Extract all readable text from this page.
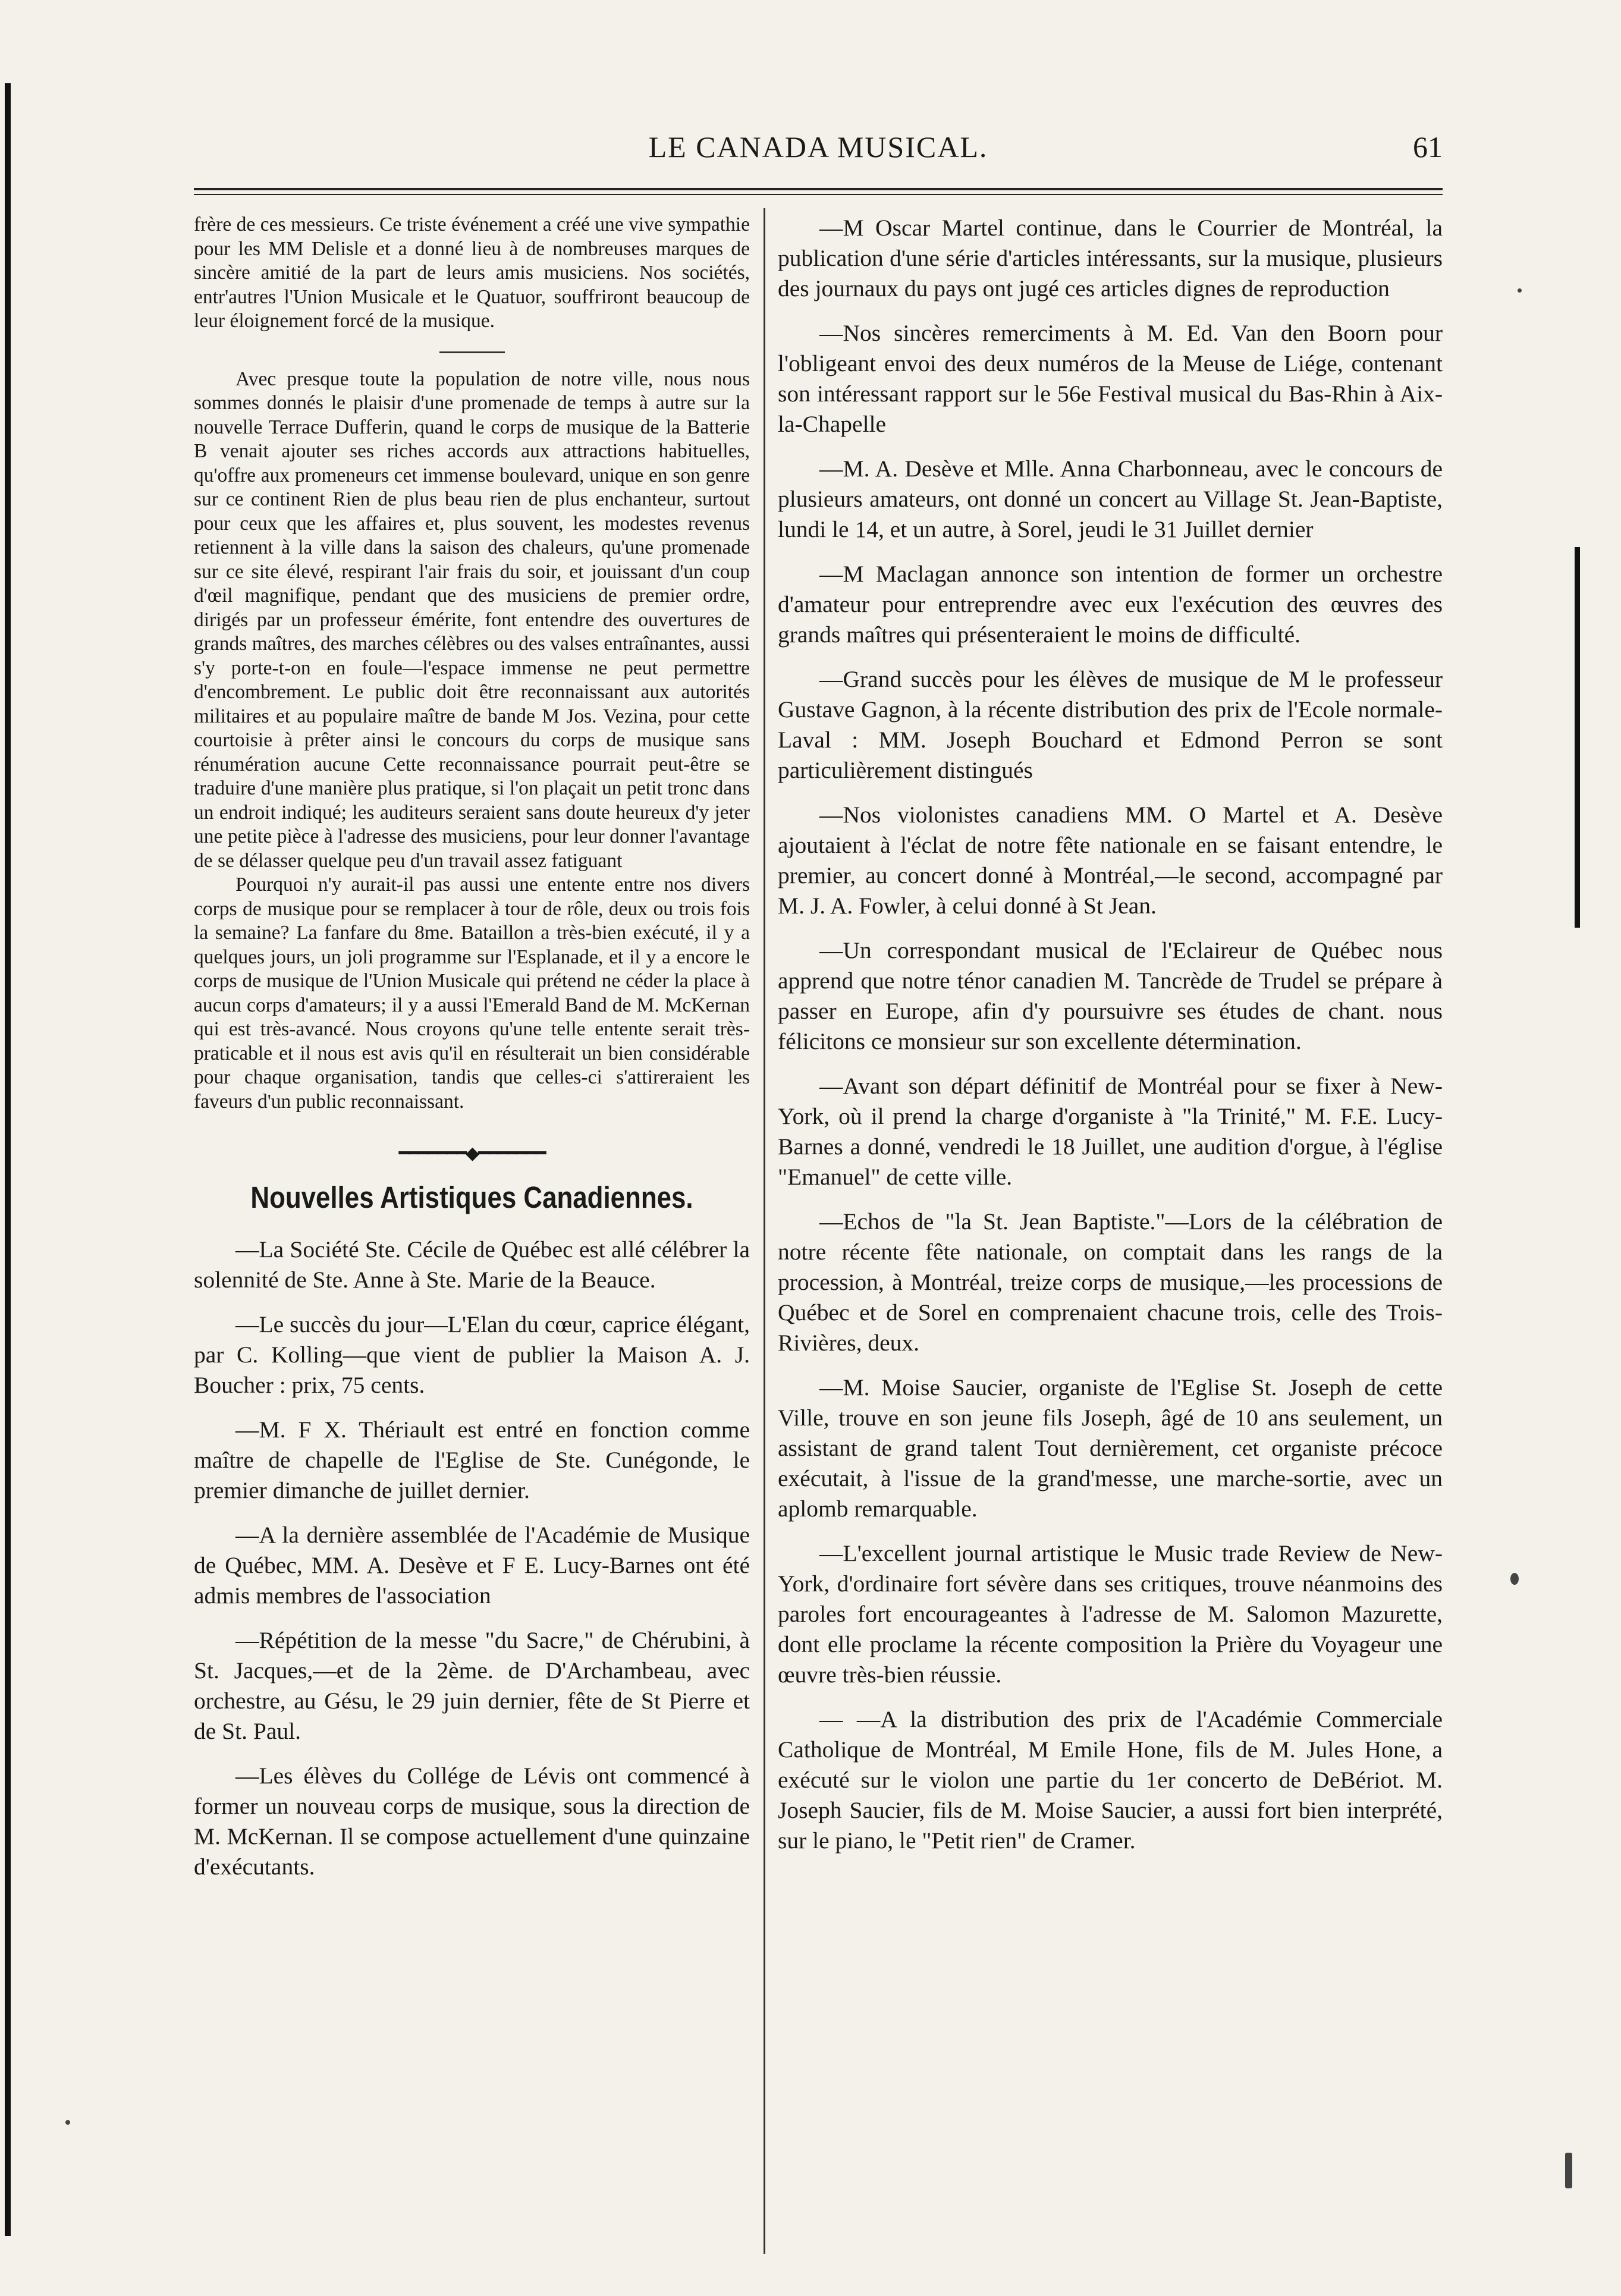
LE CANADA MUSICAL.	61

frère de ces messieurs. Ce triste événement a créé une vive sympathie pour les MM Delisle et a donné lieu à de nombreuses marques de sincère amitié de la part de leurs amis musiciens. Nos sociétés, entr'autres l'Union Musicale et le Quatuor, souffriront beaucoup de leur éloignement forcé de la musique.

Avec presque toute la population de notre ville, nous nous sommes donnés le plaisir d'une promenade de temps à autre sur la nouvelle Terrace Dufferin, quand le corps de musique de la Batterie B venait ajouter ses riches accords aux attractions habituelles, qu'offre aux promeneurs cet immense boulevard, unique en son genre sur ce continent Rien de plus beau rien de plus enchanteur, surtout pour ceux que les affaires et, plus souvent, les modestes revenus retiennent à la ville dans la saison des chaleurs, qu'une promenade sur ce site élevé, respirant l'air frais du soir, et jouissant d'un coup d'œil magnifique, pendant que des musiciens de premier ordre, dirigés par un professeur émérite, font entendre des ouvertures de grands maîtres, des marches célèbres ou des valses entraînantes, aussi s'y porte-t-on en foule—l'espace immense ne peut permettre d'encombrement. Le public doit être reconnaissant aux autorités militaires et au populaire maître de bande M Jos. Vezina, pour cette courtoisie à prêter ainsi le concours du corps de musique sans rénumération aucune Cette reconnaissance pourrait peut-être se traduire d'une manière plus pratique, si l'on plaçait un petit tronc dans un endroit indiqué; les auditeurs seraient sans doute heureux d'y jeter une petite pièce à l'adresse des musiciens, pour leur donner l'avantage de se délasser quelque peu d'un travail assez fatiguant

Pourquoi n'y aurait-il pas aussi une entente entre nos divers corps de musique pour se remplacer à tour de rôle, deux ou trois fois la semaine? La fanfare du 8me. Bataillon a très-bien exécuté, il y a quelques jours, un joli programme sur l'Esplanade, et il y a encore le corps de musique de l'Union Musicale qui prétend ne céder la place à aucun corps d'amateurs; il y a aussi l'Emerald Band de M. McKernan qui est très-avancé. Nous croyons qu'une telle entente serait très-praticable et il nous est avis qu'il en résulterait un bien considérable pour chaque organisation, tandis que celles-ci s'attireraient les faveurs d'un public reconnaissant.

━━━━━━━◆━━━━━━━
Nouvelles Artistiques Canadiennes.

—La Société Ste. Cécile de Québec est allé célébrer la solennité de Ste. Anne à Ste. Marie de la Beauce.

—Le succès du jour—L'Elan du cœur, caprice élégant, par C. Kolling—que vient de publier la Maison A. J. Boucher : prix, 75 cents.

—M. F X. Thériault est entré en fonction comme maître de chapelle de l'Eglise de Ste. Cunégonde, le premier dimanche de juillet dernier.

—A la dernière assemblée de l'Académie de Musique de Québec, MM. A. Desève et F E. Lucy-Barnes ont été admis membres de l'association

—Répétition de la messe "du Sacre," de Chérubini, à St. Jacques,—et de la 2ème. de D'Archambeau, avec orchestre, au Gésu, le 29 juin dernier, fête de St Pierre et de St. Paul.

—Les élèves du Collége de Lévis ont commencé à former un nouveau corps de musique, sous la direction de M. McKernan. Il se compose actuellement d'une quinzaine d'exécutants.

—M Oscar Martel continue, dans le Courrier de Montréal, la publication d'une série d'articles intéressants, sur la musique, plusieurs des journaux du pays ont jugé ces articles dignes de reproduction

—Nos sincères remerciments à M. Ed. Van den Boorn pour l'obligeant envoi des deux numéros de la Meuse de Liége, contenant son intéressant rapport sur le 56e Festival musical du Bas-Rhin à Aix-la-Chapelle

—M. A. Desève et Mlle. Anna Charbonneau, avec le concours de plusieurs amateurs, ont donné un concert au Village St. Jean-Baptiste, lundi le 14, et un autre, à Sorel, jeudi le 31 Juillet dernier

—M Maclagan annonce son intention de former un orchestre d'amateur pour entreprendre avec eux l'exécution des œuvres des grands maîtres qui présenteraient le moins de difficulté.

—Grand succès pour les élèves de musique de M le professeur Gustave Gagnon, à la récente distribution des prix de l'Ecole normale-Laval : MM. Joseph Bouchard et Edmond Perron se sont particulièrement distingués

—Nos violonistes canadiens MM. O Martel et A. Desève ajoutaient à l'éclat de notre fête nationale en se faisant entendre, le premier, au concert donné à Montréal,—le second, accompagné par M. J. A. Fowler, à celui donné à St Jean.

—Un correspondant musical de l'Eclaireur de Québec nous apprend que notre ténor canadien M. Tancrède de Trudel se prépare à passer en Europe, afin d'y poursuivre ses études de chant. nous félicitons ce monsieur sur son excellente détermination.

—Avant son départ définitif de Montréal pour se fixer à New-York, où il prend la charge d'organiste à "la Trinité," M. F.E. Lucy-Barnes a donné, vendredi le 18 Juillet, une audition d'orgue, à l'église "Emanuel" de cette ville.

—Echos de "la St. Jean Baptiste."—Lors de la célébration de notre récente fête nationale, on comptait dans les rangs de la procession, à Montréal, treize corps de musique,—les processions de Québec et de Sorel en comprenaient chacune trois, celle des Trois-Rivières, deux.

—M. Moise Saucier, organiste de l'Eglise St. Joseph de cette Ville, trouve en son jeune fils Joseph, âgé de 10 ans seulement, un assistant de grand talent Tout dernièrement, cet organiste précoce exécutait, à l'issue de la grand'messe, une marche-sortie, avec un aplomb remarquable.

—L'excellent journal artistique le Music trade Review de New-York, d'ordinaire fort sévère dans ses critiques, trouve néanmoins des paroles fort encourageantes à l'adresse de M. Salomon Mazurette, dont elle proclame la récente composition la Prière du Voyageur une œuvre très-bien réussie.

— —A la distribution des prix de l'Académie Commerciale Catholique de Montréal, M Emile Hone, fils de M. Jules Hone, a exécuté sur le violon une partie du 1er concerto de DeBériot. M. Joseph Saucier, fils de M. Moise Saucier, a aussi fort bien interprété, sur le piano, le "Petit rien" de Cramer.
